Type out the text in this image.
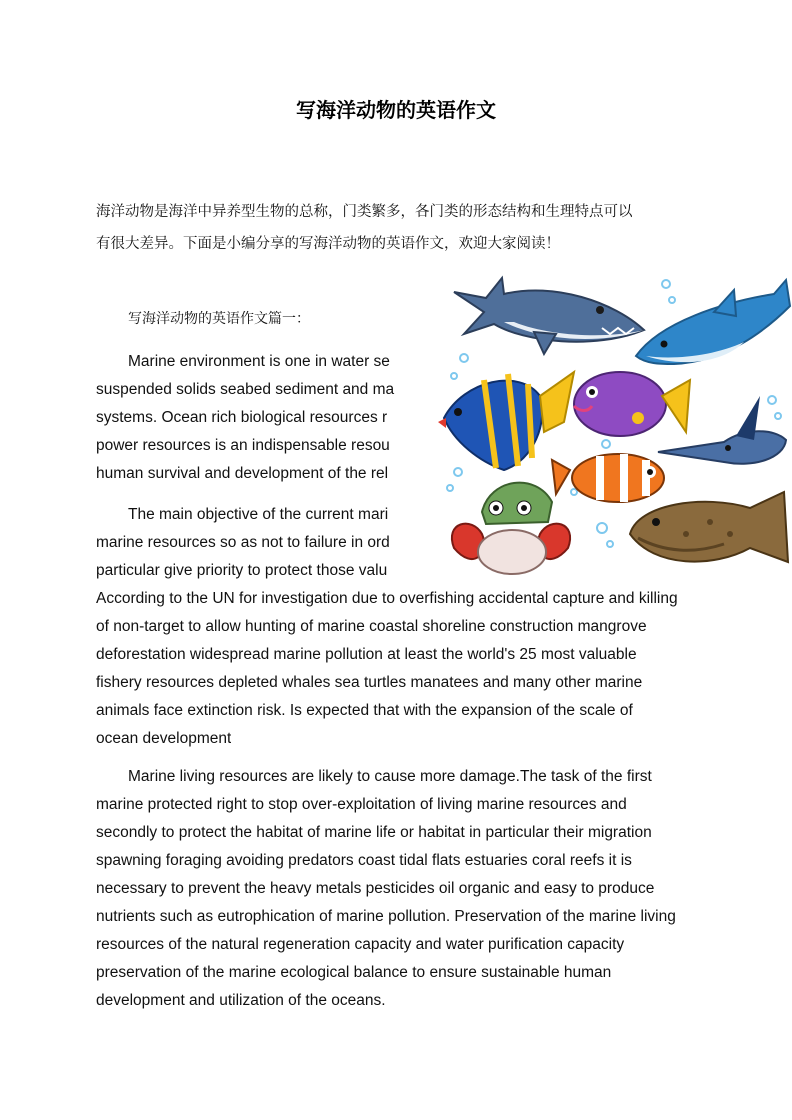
写海洋动物的英语作文
海洋动物是海洋中异养型生物的总称，门类繁多，各门类的形态结构和生理特点可以
有很大差异。下面是小编分享的写海洋动物的英语作文，欢迎大家阅读！
写海洋动物的英语作文篇一：
Marine environment is one in water se
suspended solids seabed sediment and ma
systems. Ocean rich biological resources r
power resources is an indispensable resou
human survival and development of the rel
The main objective of the current mari
marine resources so as not to failure in ord
particular give priority to protect those valu
According to the UN for investigation due to overfishing accidental capture and killing
of non-target to allow hunting of marine coastal shoreline construction mangrove
deforestation widespread marine pollution at least the world's 25 most valuable
fishery resources depleted whales sea turtles manatees and many other marine
animals face extinction risk. Is expected that with the expansion of the scale of
ocean development
Marine living resources are likely to cause more damage.The task of the first
marine protected right to stop over-exploitation of living marine resources and
secondly to protect the habitat of marine life or habitat in particular their migration
spawning foraging avoiding predators coast tidal flats estuaries coral reefs it is
necessary to prevent the heavy metals pesticides oil organic and easy to produce
nutrients such as eutrophication of marine pollution. Preservation of the marine living
resources of the natural regeneration capacity and water purification capacity
preservation of the marine ecological balance to ensure sustainable human
development and utilization of the oceans.
